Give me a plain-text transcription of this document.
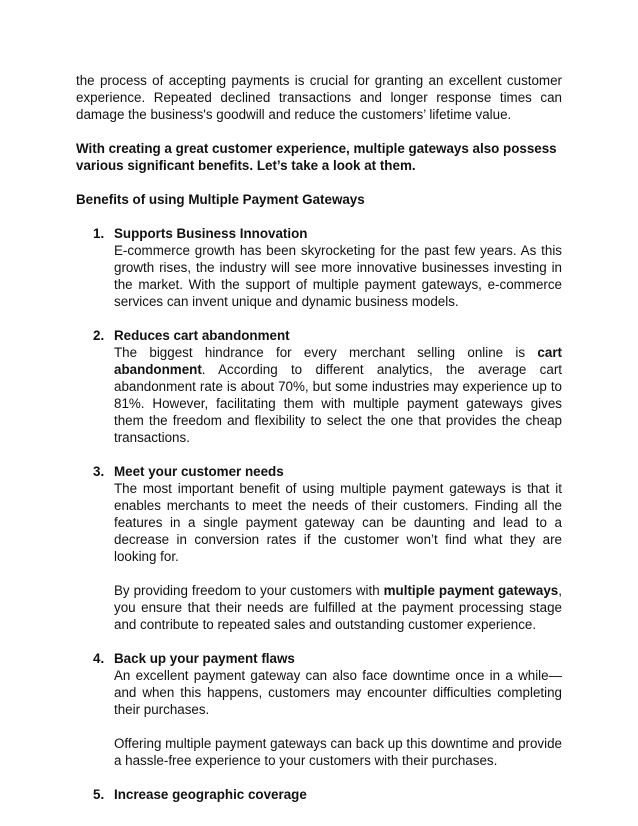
the process of accepting payments is crucial for granting an excellent customer experience. Repeated declined transactions and longer response times can damage the business's goodwill and reduce the customers’ lifetime value.

With creating a great customer experience, multiple gateways also possess various significant benefits. Let’s take a look at them.

Benefits of using Multiple Payment Gateways

1. Supports Business Innovation

E-commerce growth has been skyrocketing for the past few years. As this growth rises, the industry will see more innovative businesses investing in the market. With the support of multiple payment gateways, e-commerce services can invent unique and dynamic business models.

2. Reduces cart abandonment

The biggest hindrance for every merchant selling online is cart abandonment. According to different analytics, the average cart abandonment rate is about 70%, but some industries may experience up to 81%. However, facilitating them with multiple payment gateways gives them the freedom and flexibility to select the one that provides the cheap transactions.

3. Meet your customer needs

The most important benefit of using multiple payment gateways is that it enables merchants to meet the needs of their customers. Finding all the features in a single payment gateway can be daunting and lead to a decrease in conversion rates if the customer won’t find what they are looking for.

By providing freedom to your customers with multiple payment gateways, you ensure that their needs are fulfilled at the payment processing stage and contribute to repeated sales and outstanding customer experience.

4. Back up your payment flaws

An excellent payment gateway can also face downtime once in a while— and when this happens, customers may encounter difficulties completing their purchases.

Offering multiple payment gateways can back up this downtime and provide a hassle-free experience to your customers with their purchases.

5. Increase geographic coverage
